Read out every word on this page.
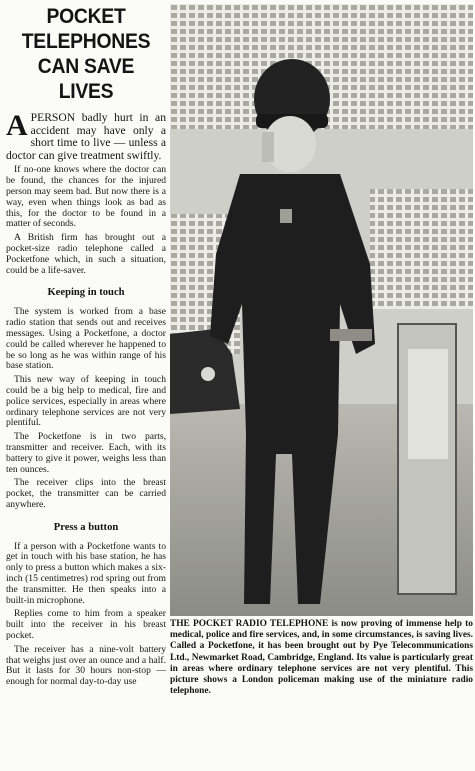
POCKET
TELEPHONES
CAN SAVE
LIVES

A PERSON badly hurt in an accident may have only a short time to live — unless a doctor can give treatment swiftly.

If no-one knows where the doctor can be found, the chances for the injured person may seem bad. But now there is a way, even when things look as bad as this, for the doctor to be found in a matter of seconds.

A British firm has brought out a pocket-size radio telephone called a Pocketfone which, in such a situation, could be a life-saver.

Keeping in touch

The system is worked from a base radio station that sends out and receives messages. Using a Pocketfone, a doctor could be called wherever he happened to be so long as he was within range of his base station.

This new way of keeping in touch could be a big help to medical, fire and police services, especially in areas where ordinary telephone services are not very plentiful.

The Pocketfone is in two parts, transmitter and receiver. Each, with its battery to give it power, weighs less than ten ounces.

The receiver clips into the breast pocket, the transmitter can be carried anywhere.

Press a button

If a person with a Pocketfone wants to get in touch with his base station, he has only to press a button which makes a six-inch (15 centimetres) rod spring out from the transmitter. He then speaks into a built-in microphone.

Replies come to him from a speaker built into the receiver in his breast pocket.

The receiver has a nine-volt battery that weighs just over an ounce and a half. But it lasts for 30 hours non-stop — enough for normal day-to-day use

THE POCKET RADIO TELEPHONE is now proving of immense help to medical, police and fire services, and, in some circumstances, is saving lives. Called a Pocketfone, it has been brought out by Pye Telecommunications Ltd., Newmarket Road, Cambridge, England. Its value is particularly great in areas where ordinary telephone services are not very plentiful. This picture shows a London policeman making use of the miniature radio telephone.
